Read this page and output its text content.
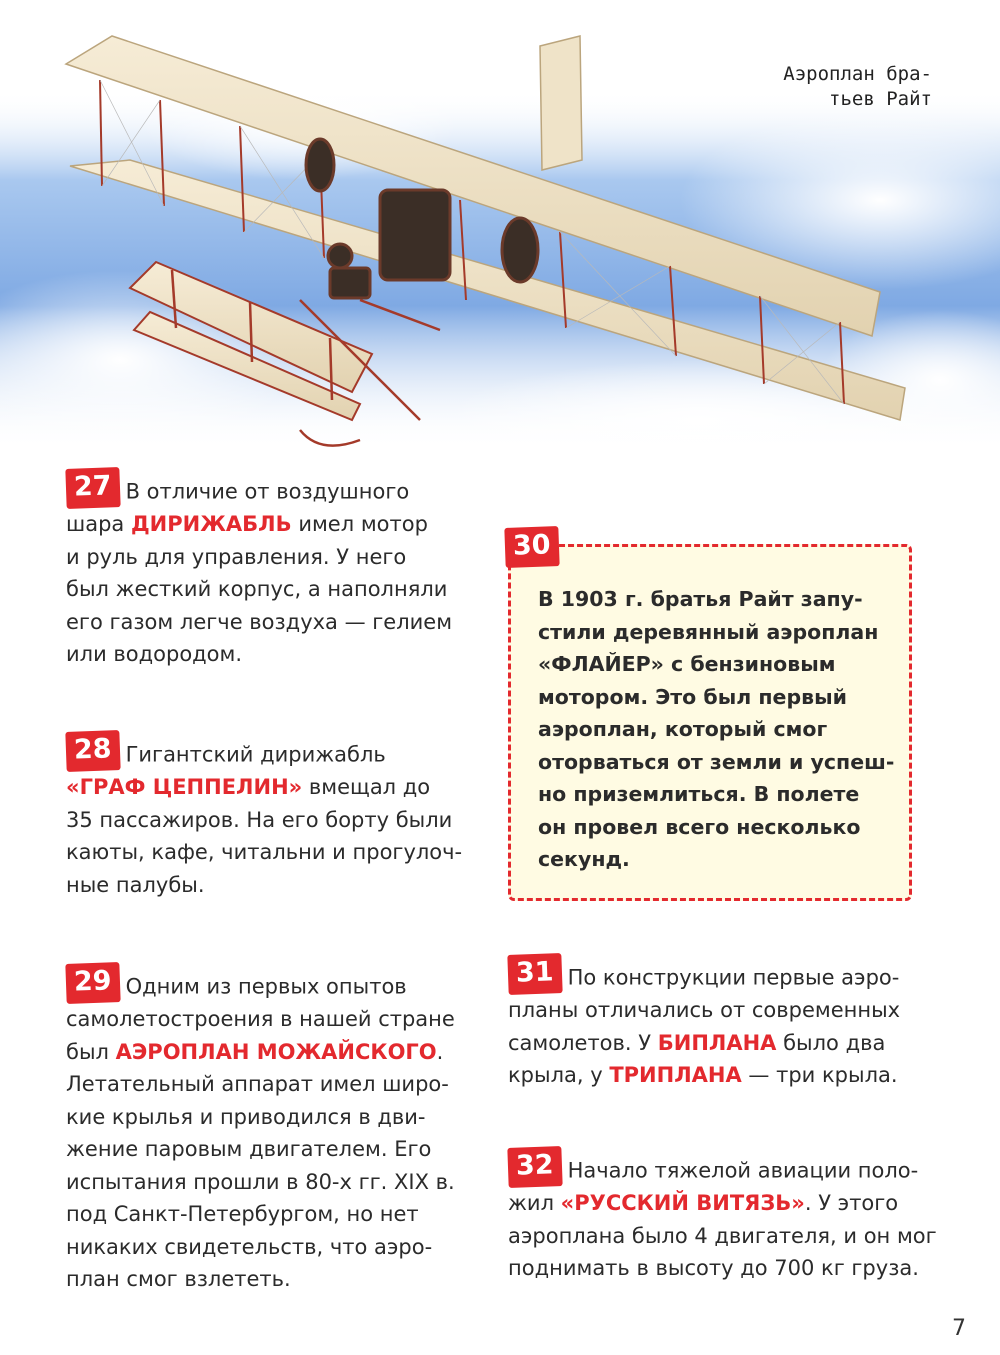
Аэроплан бра-
тьев Райт
27 В отличие от воздушного
шара ДИРИЖАБЛЬ имел мотор
и руль для управления. У него
был жесткий корпус, а наполняли
его газом легче воздуха — гелием
или водородом.
28 Гигантский дирижабль
«ГРАФ ЦЕППЕЛИН» вмещал до
35 пассажиров. На его борту были
каюты, кафе, читальни и прогулоч-
ные палубы.
29 Одним из первых опытов
самолетостроения в нашей стране
был АЭРОПЛАН МОЖАЙСКОГО.
Летательный аппарат имел широ-
кие крылья и приводился в дви-
жение паровым двигателем. Его
испытания прошли в 80-х гг. XIX в.
под Санкт-Петербургом, но нет
никаких свидетельств, что аэро-
план смог взлететь.
30
В 1903 г. братья Райт запу-
стили деревянный аэроплан
«ФЛАЙЕР» с бензиновым
мотором. Это был первый
аэроплан, который смог
оторваться от земли и успеш-
но приземлиться. В полете
он провел всего несколько
секунд.
31 По конструкции первые аэро-
планы отличались от современных
самолетов. У БИПЛАНА было два
крыла, у ТРИПЛАНА — три крыла.
32 Начало тяжелой авиации поло-
жил «РУССКИЙ ВИТЯЗЬ». У этого
аэроплана было 4 двигателя, и он мог
поднимать в высоту до 700 кг груза.
7
